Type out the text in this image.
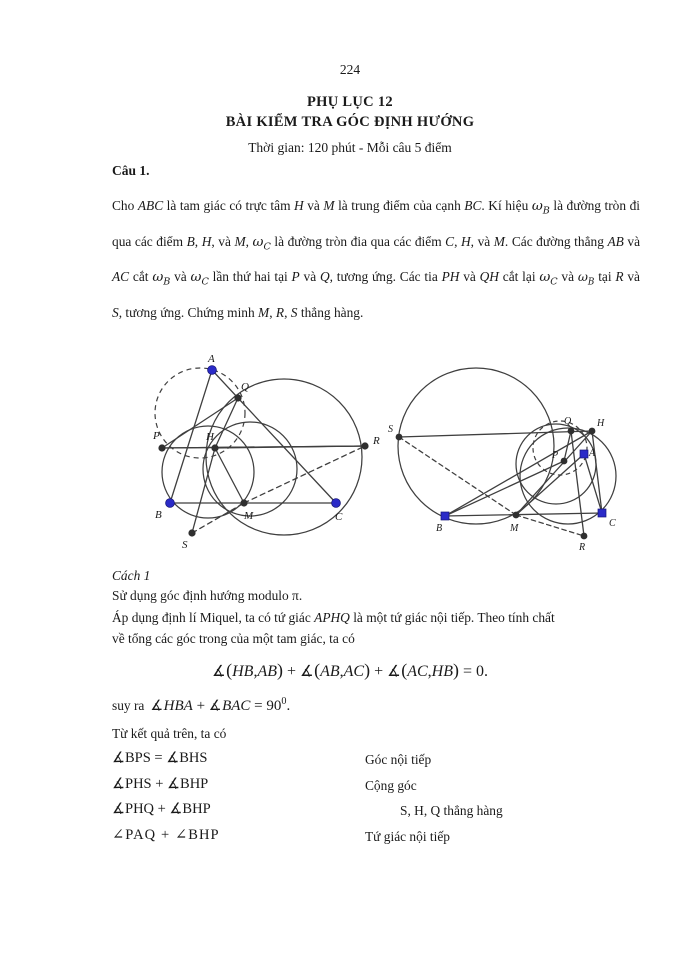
224
PHỤ LỤC 12
BÀI KIỂM TRA GÓC ĐỊNH HƯỚNG
Thời gian: 120 phút - Mỗi câu 5 điểm
Câu 1.

Cho ABC là tam giác có trực tâm H và M là trung điểm của cạnh BC. Kí hiệu $\omega_B$ là đường tròn đi qua các điểm B, H, và M, $\omega_C$ là đường tròn đia qua các điểm C, H, và M. Các đường thẳng AB và AC cắt $\omega_B$ và $\omega_C$ lần thứ hai tại P và Q, tương ứng. Các tia PH và QH cắt lại $\omega_C$ và $\omega_B$ tại R và S, tương ứng. Chứng minh M, R, S thẳng hàng.

A
B	C
H
M
P
Q
R
S
A
B	C
H
M
P
Q
R
S
Cách 1
Sử dụng góc định hướng modulo π.
Áp dụng định lí Miquel, ta có tứ giác APHQ là một tứ giác nội tiếp. Theo tính chất
về tổng các góc trong của một tam giác, ta có
∡(HB,AB) + ∡(AB,AC) + ∡(AC,HB) = 0.
suy ra ∡HBA + ∡BAC = $90^0$.
Từ kết quả trên, ta có
∡BPS = ∡BHS	Góc nội tiếp
∡PHS + ∡BHP	Cộng góc
∡PHQ + ∡BHP	S, H, Q thẳng hàng
∠PAQ + ∠BHP	Tứ giác nội tiếp
